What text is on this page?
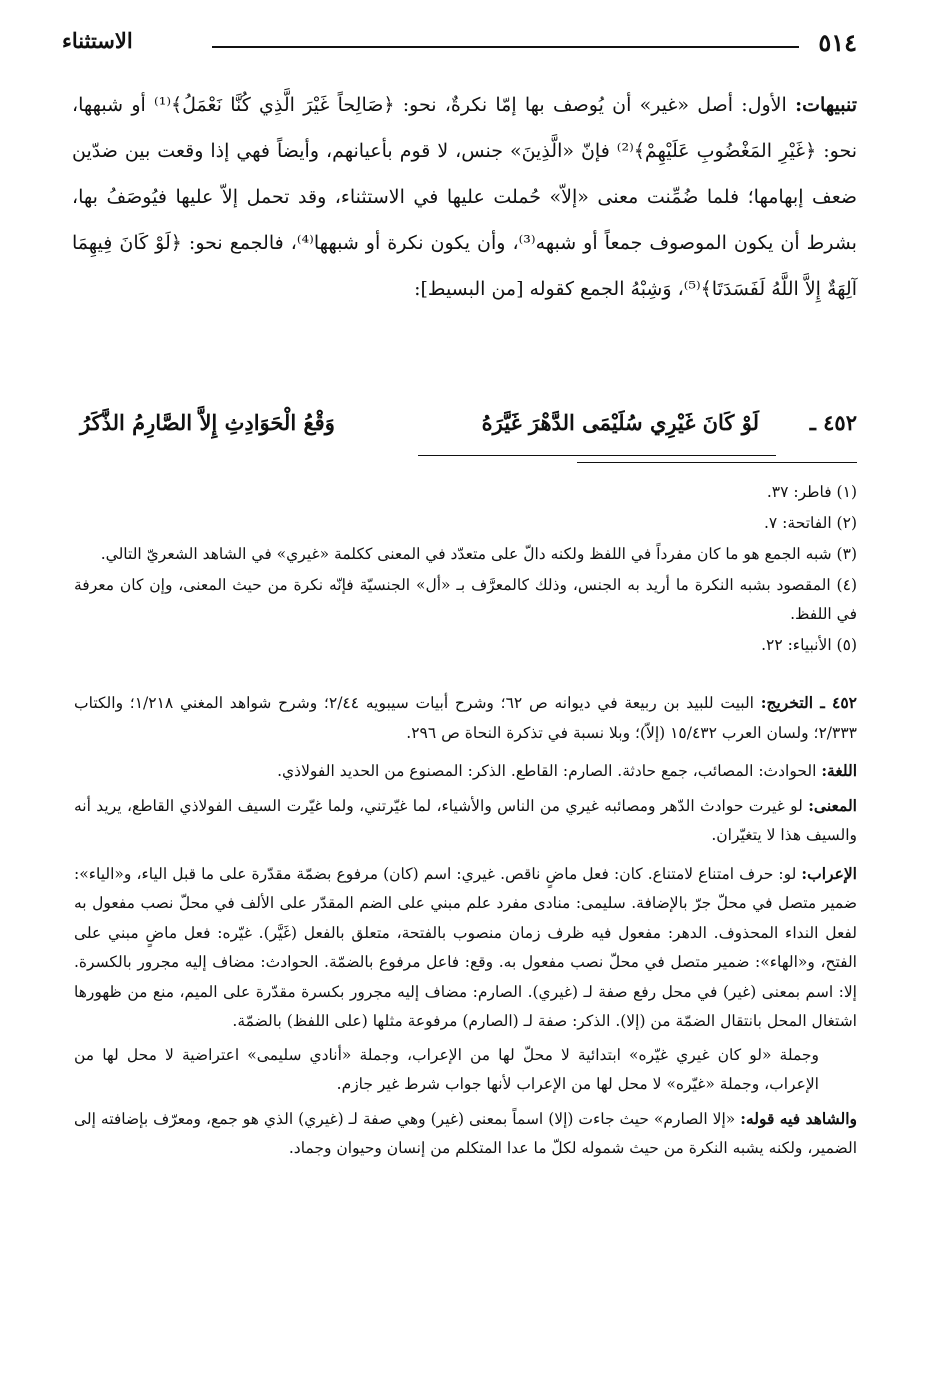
٥١٤
الاستثناء

تنبيهات: الأول: أصل «غير» أن يُوصف بها إمّا نكرةٌ، نحو: ﴿صَالِحاً غَيْرَ الَّذِي كُنَّا نَعْمَلُ﴾⁽¹⁾ أو شبهها، نحو: ﴿غَيْرِ المَغْضُوبِ عَلَيْهِمْ﴾⁽²⁾ فإنّ «الَّذِينَ» جنس، لا قوم بأعيانهم، وأيضاً فهي إذا وقعت بين ضدّين ضعف إبهامها؛ فلما ضُمِّنت معنى «إلاّ» حُملت عليها في الاستثناء، وقد تحمل إلاّ عليها فيُوصَفُ بها، بشرط أن يكون الموصوف جمعاً أو شبهه⁽³⁾، وأن يكون نكرة أو شبهها⁽⁴⁾، فالجمع نحو: ﴿لَوْ كَانَ فِيهِمَا آلِهَةٌ إِلاَّ اللَّهُ لَفَسَدَتَا﴾⁽⁵⁾، وَشِبْهُ الجمع كقوله [من البسيط]:

٤٥٢ ـ
لَوْ كَانَ غَيْرِي سُلَيْمَى الدَّهْرَ غَيَّرَهُ
وَقْعُ الْحَوَادِثِ إِلاَّ الصَّارِمُ الذَّكَرُ

(١) فاطر: ٣٧.

(٢) الفاتحة: ٧.

(٣) شبه الجمع هو ما كان مفرداً في اللفظ ولكنه دالّ على متعدّد في المعنى ككلمة «غيري» في الشاهد الشعريّ التالي.

(٤) المقصود بشبه النكرة ما أريد به الجنس، وذلك كالمعرَّف بـ «أل» الجنسيّة فإنّه نكرة من حيث المعنى، وإن كان معرفة في اللفظ.

(٥) الأنبياء: ٢٢.

٤٥٢ ـ التخريج: البيت للبيد بن ربيعة في ديوانه ص ٦٢؛ وشرح أبيات سيبويه ٢/٤٤؛ وشرح شواهد المغني ١/٢١٨؛ والكتاب ٢/٣٣٣؛ ولسان العرب ١٥/٤٣٢ (إلاّ)؛ وبلا نسبة في تذكرة النحاة ص ٢٩٦.

اللغة: الحوادث: المصائب، جمع حادثة. الصارم: القاطع. الذكر: المصنوع من الحديد الفولاذي.

المعنى: لو غيرت حوادث الدّهر ومصائبه غيري من الناس والأشياء، لما غيّرتني، ولما غيّرت السيف الفولاذي القاطع، يريد أنه والسيف هذا لا يتغيّران.

الإعراب: لو: حرف امتناع لامتناع. كان: فعل ماضٍ ناقص. غيري: اسم (كان) مرفوع بضمّة مقدّرة على ما قبل الياء، و«الياء»: ضمير متصل في محلّ جرّ بالإضافة. سليمى: منادى مفرد علم مبني على الضم المقدّر على الألف في محلّ نصب مفعول به لفعل النداء المحذوف. الدهر: مفعول فيه ظرف زمان منصوب بالفتحة، متعلق بالفعل (غَيَّر). غيّره: فعل ماضٍ مبني على الفتح، و«الهاء»: ضمير متصل في محلّ نصب مفعول به. وقع: فاعل مرفوع بالضمّة. الحوادث: مضاف إليه مجرور بالكسرة. إلا: اسم بمعنى (غير) في محل رفع صفة لـ (غيري). الصارم: مضاف إليه مجرور بكسرة مقدّرة على الميم، منع من ظهورها اشتغال المحل بانتقال الضمّة من (إلا). الذكر: صفة لـ (الصارم) مرفوعة مثلها (على اللفظ) بالضمّة.

وجملة «لو كان غيري غيّره» ابتدائية لا محلّ لها من الإعراب، وجملة «أنادي سليمى» اعتراضية لا محل لها من الإعراب، وجملة «غيّره» لا محل لها من الإعراب لأنها جواب شرط غير جازم.

والشاهد فيه قوله: «إلا الصارم» حيث جاءت (إلا) اسماً بمعنى (غير) وهي صفة لـ (غيري) الذي هو جمع، ومعرّف بإضافته إلى الضمير، ولكنه يشبه النكرة من حيث شموله لكلّ ما عدا المتكلم من إنسان وحيوان وجماد.
